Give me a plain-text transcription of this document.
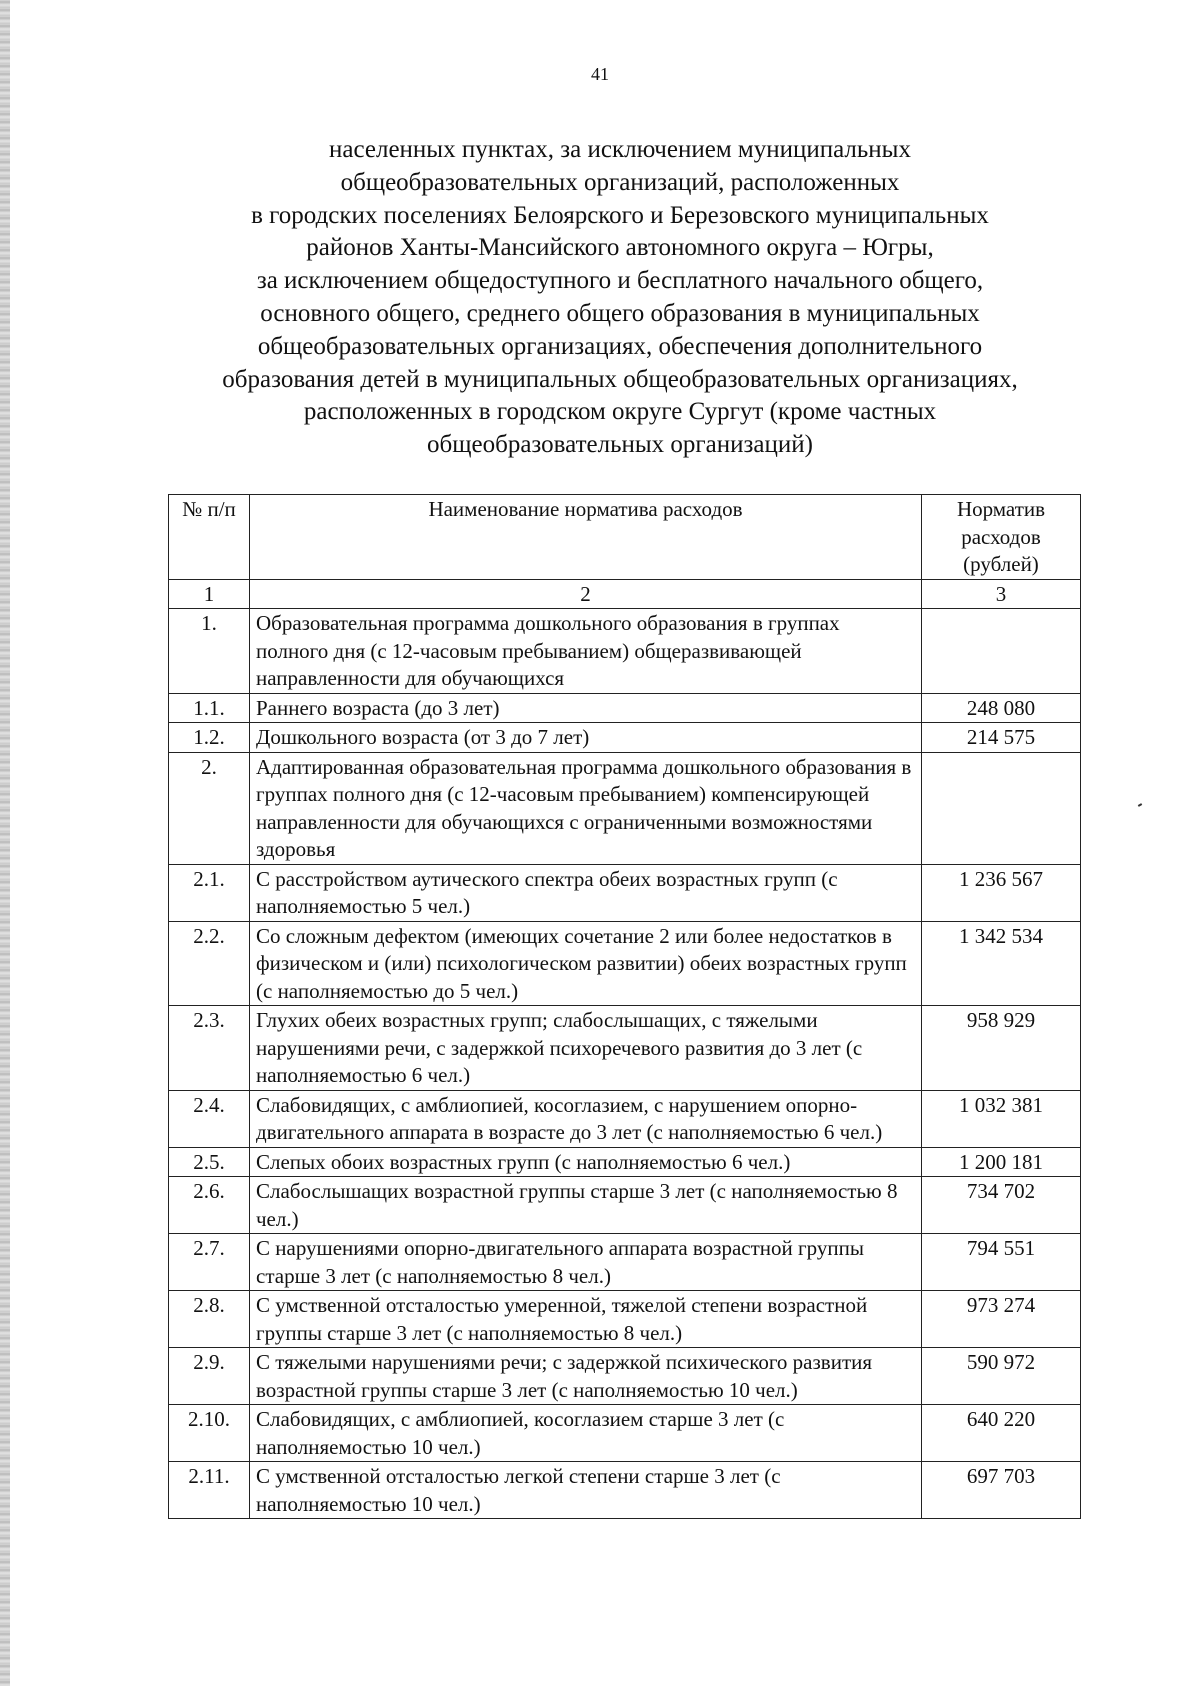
41
населенных пунктах, за исключением муниципальных
общеобразовательных организаций, расположенных
в городских поселениях Белоярского и Березовского муниципальных
районов Ханты-Мансийского автономного округа – Югры,
за исключением общедоступного и бесплатного начального общего,
основного общего, среднего общего образования в муниципальных
общеобразовательных организациях, обеспечения дополнительного
образования детей в муниципальных общеобразовательных организациях,
расположенных в городском округе Сургут (кроме частных
общеобразовательных организаций)
№ п/п	Наименование норматива расходов	Норматив расходов (рублей)
1	2	3
1.	Образовательная программа дошкольного образования в группах полного дня (с 12-часовым пребыванием) общеразвивающей направленности для обучающихся	
1.1.	Раннего возраста (до 3 лет)	248 080
1.2.	Дошкольного возраста (от 3 до 7 лет)	214 575
2.	Адаптированная образовательная программа дошкольного образования в группах полного дня (с 12-часовым пребыванием) компенсирующей направленности для обучающихся с ограниченными возможностями здоровья	
2.1.	С расстройством аутического спектра обеих возрастных групп (с наполняемостью 5 чел.)	1 236 567
2.2.	Со сложным дефектом (имеющих сочетание 2 или более недостатков в физическом и (или) психологическом развитии) обеих возрастных групп (с наполняемостью до 5 чел.)	1 342 534
2.3.	Глухих обеих возрастных групп; слабослышащих, с тяжелыми нарушениями речи, с задержкой психоречевого развития до 3 лет (с наполняемостью 6 чел.)	958 929
2.4.	Слабовидящих, с амблиопией, косоглазием, с нарушением опорно-двигательного аппарата в возрасте до 3 лет (с наполняемостью 6 чел.)	1 032 381
2.5.	Слепых обоих возрастных групп (с наполняемостью 6 чел.)	1 200 181
2.6.	Слабослышащих возрастной группы старше 3 лет (с наполняемостью 8 чел.)	734 702
2.7.	С нарушениями опорно-двигательного аппарата возрастной группы старше 3 лет (с наполняемостью 8 чел.)	794 551
2.8.	С умственной отсталостью умеренной, тяжелой степени возрастной группы старше 3 лет (с наполняемостью 8 чел.)	973 274
2.9.	С тяжелыми нарушениями речи; с задержкой психического развития возрастной группы старше 3 лет (с наполняемостью 10 чел.)	590 972
2.10.	Слабовидящих, с амблиопией, косоглазием старше 3 лет (с наполняемостью 10 чел.)	640 220
2.11.	С умственной отсталостью легкой степени старше 3 лет (с наполняемостью 10 чел.)	697 703
